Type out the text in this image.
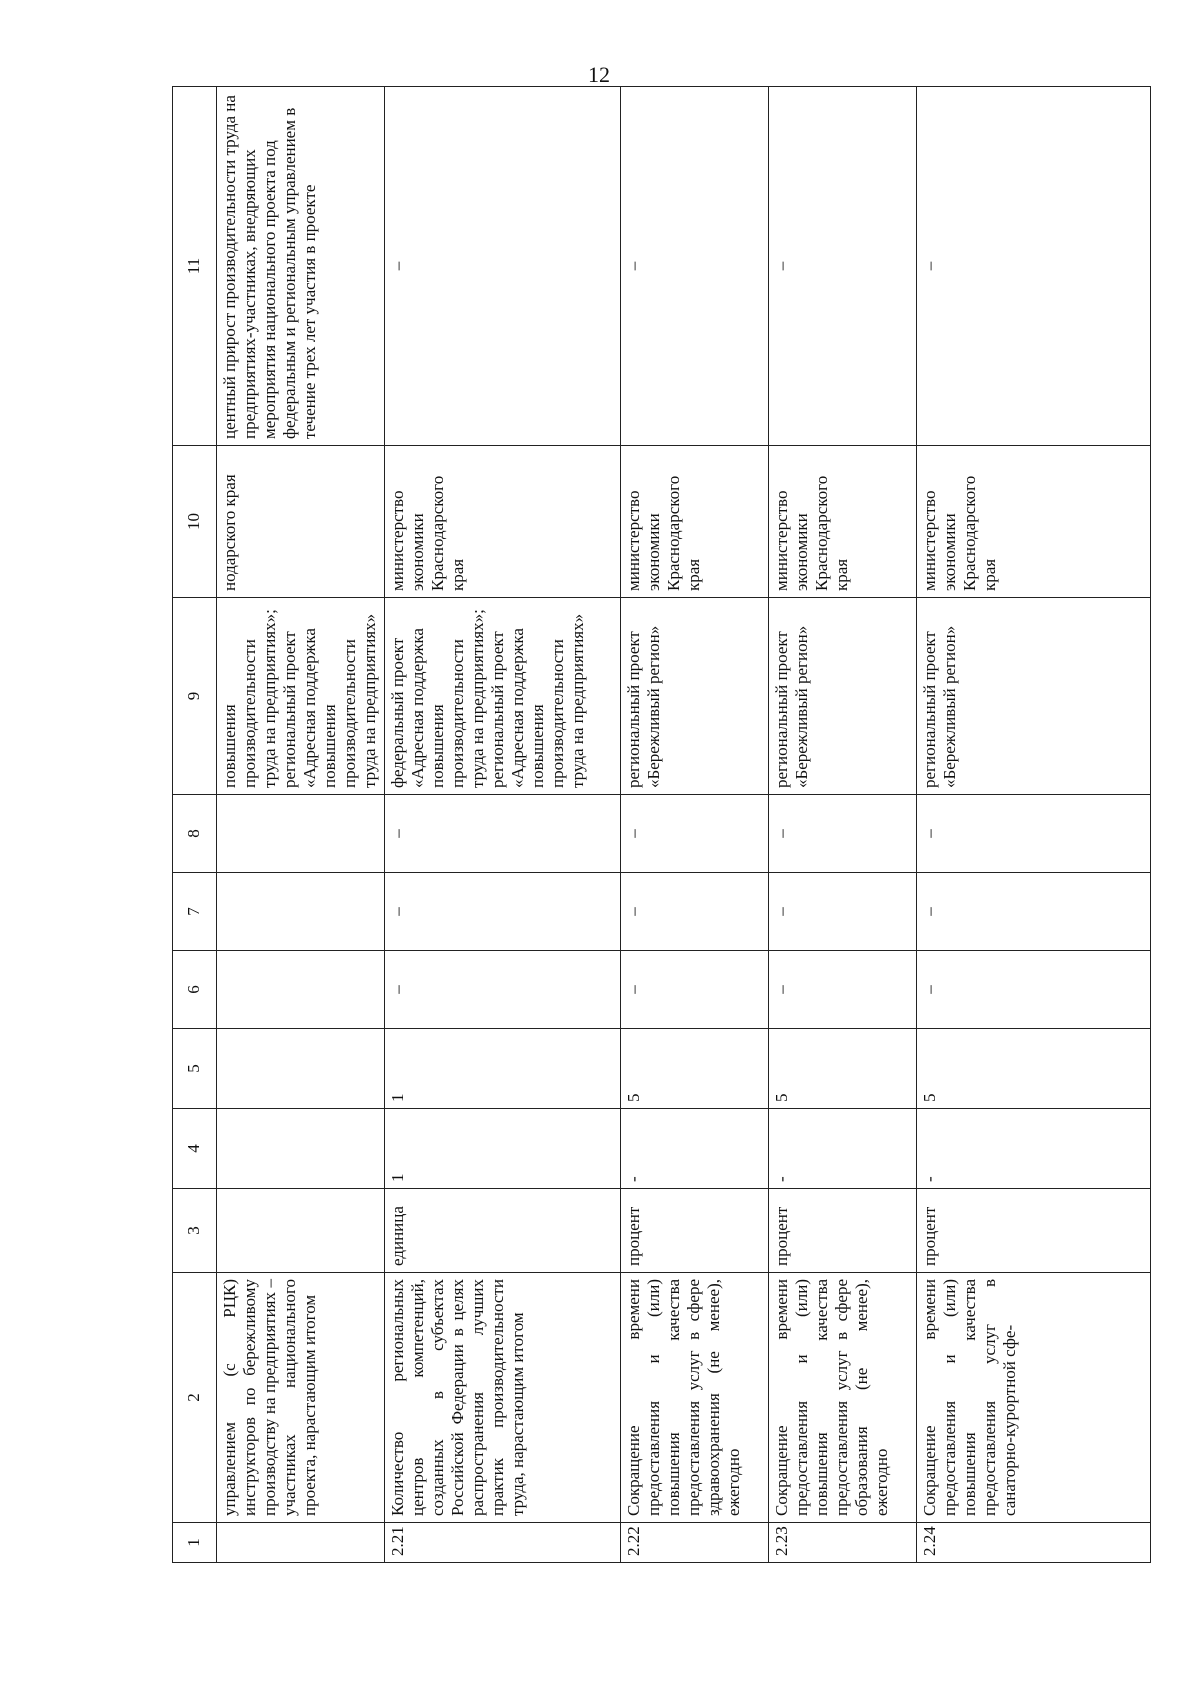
12
1	2	3	4	5	6	7	8	9	10	11
	управлением (с РЦК) инструкторов по бережливому производству на предприятиях – участниках национального проекта, нарастающим итогом							повышения производительности труда на предприятиях»; региональный проект «Адресная поддержка повышения производительности труда на предприятиях»	нодарского края	центный прирост производительности труда на предприятиях-участниках, внедряющих мероприятия национального проекта под федеральным и региональным управлением в течение трех лет участия в проекте
2.21	Количество региональных центров компетенций, созданных в субъектах Российской Федерации в целях распространения лучших практик производительности труда, нарастающим итогом	единица	1	1	–	–	–	федеральный проект «Адресная поддержка повышения производительности труда на предприятиях»; региональный проект «Адресная поддержка повышения производительности труда на предприятиях»	министерство экономики Краснодарского края	–
2.22	Сокращение времени предоставления и (или) повышения качества предоставления услуг в сфере здравоохранения (не менее), ежегодно	процент	-	5	–	–	–	региональный проект «Бережливый регион»	министерство экономики Краснодарского края	–
2.23	Сокращение времени предоставления и (или) повышения качества предоставления услуг в сфере образования (не менее), ежегодно	процент	-	5	–	–	–	региональный проект «Бережливый регион»	министерство экономики Краснодарского края	–
2.24	Сокращение времени предоставления и (или) повышения качества предоставления услуг в санаторно-курортной сфе-	процент	-	5	–	–	–	региональный проект «Бережливый регион»	министерство экономики Краснодарского края	–
